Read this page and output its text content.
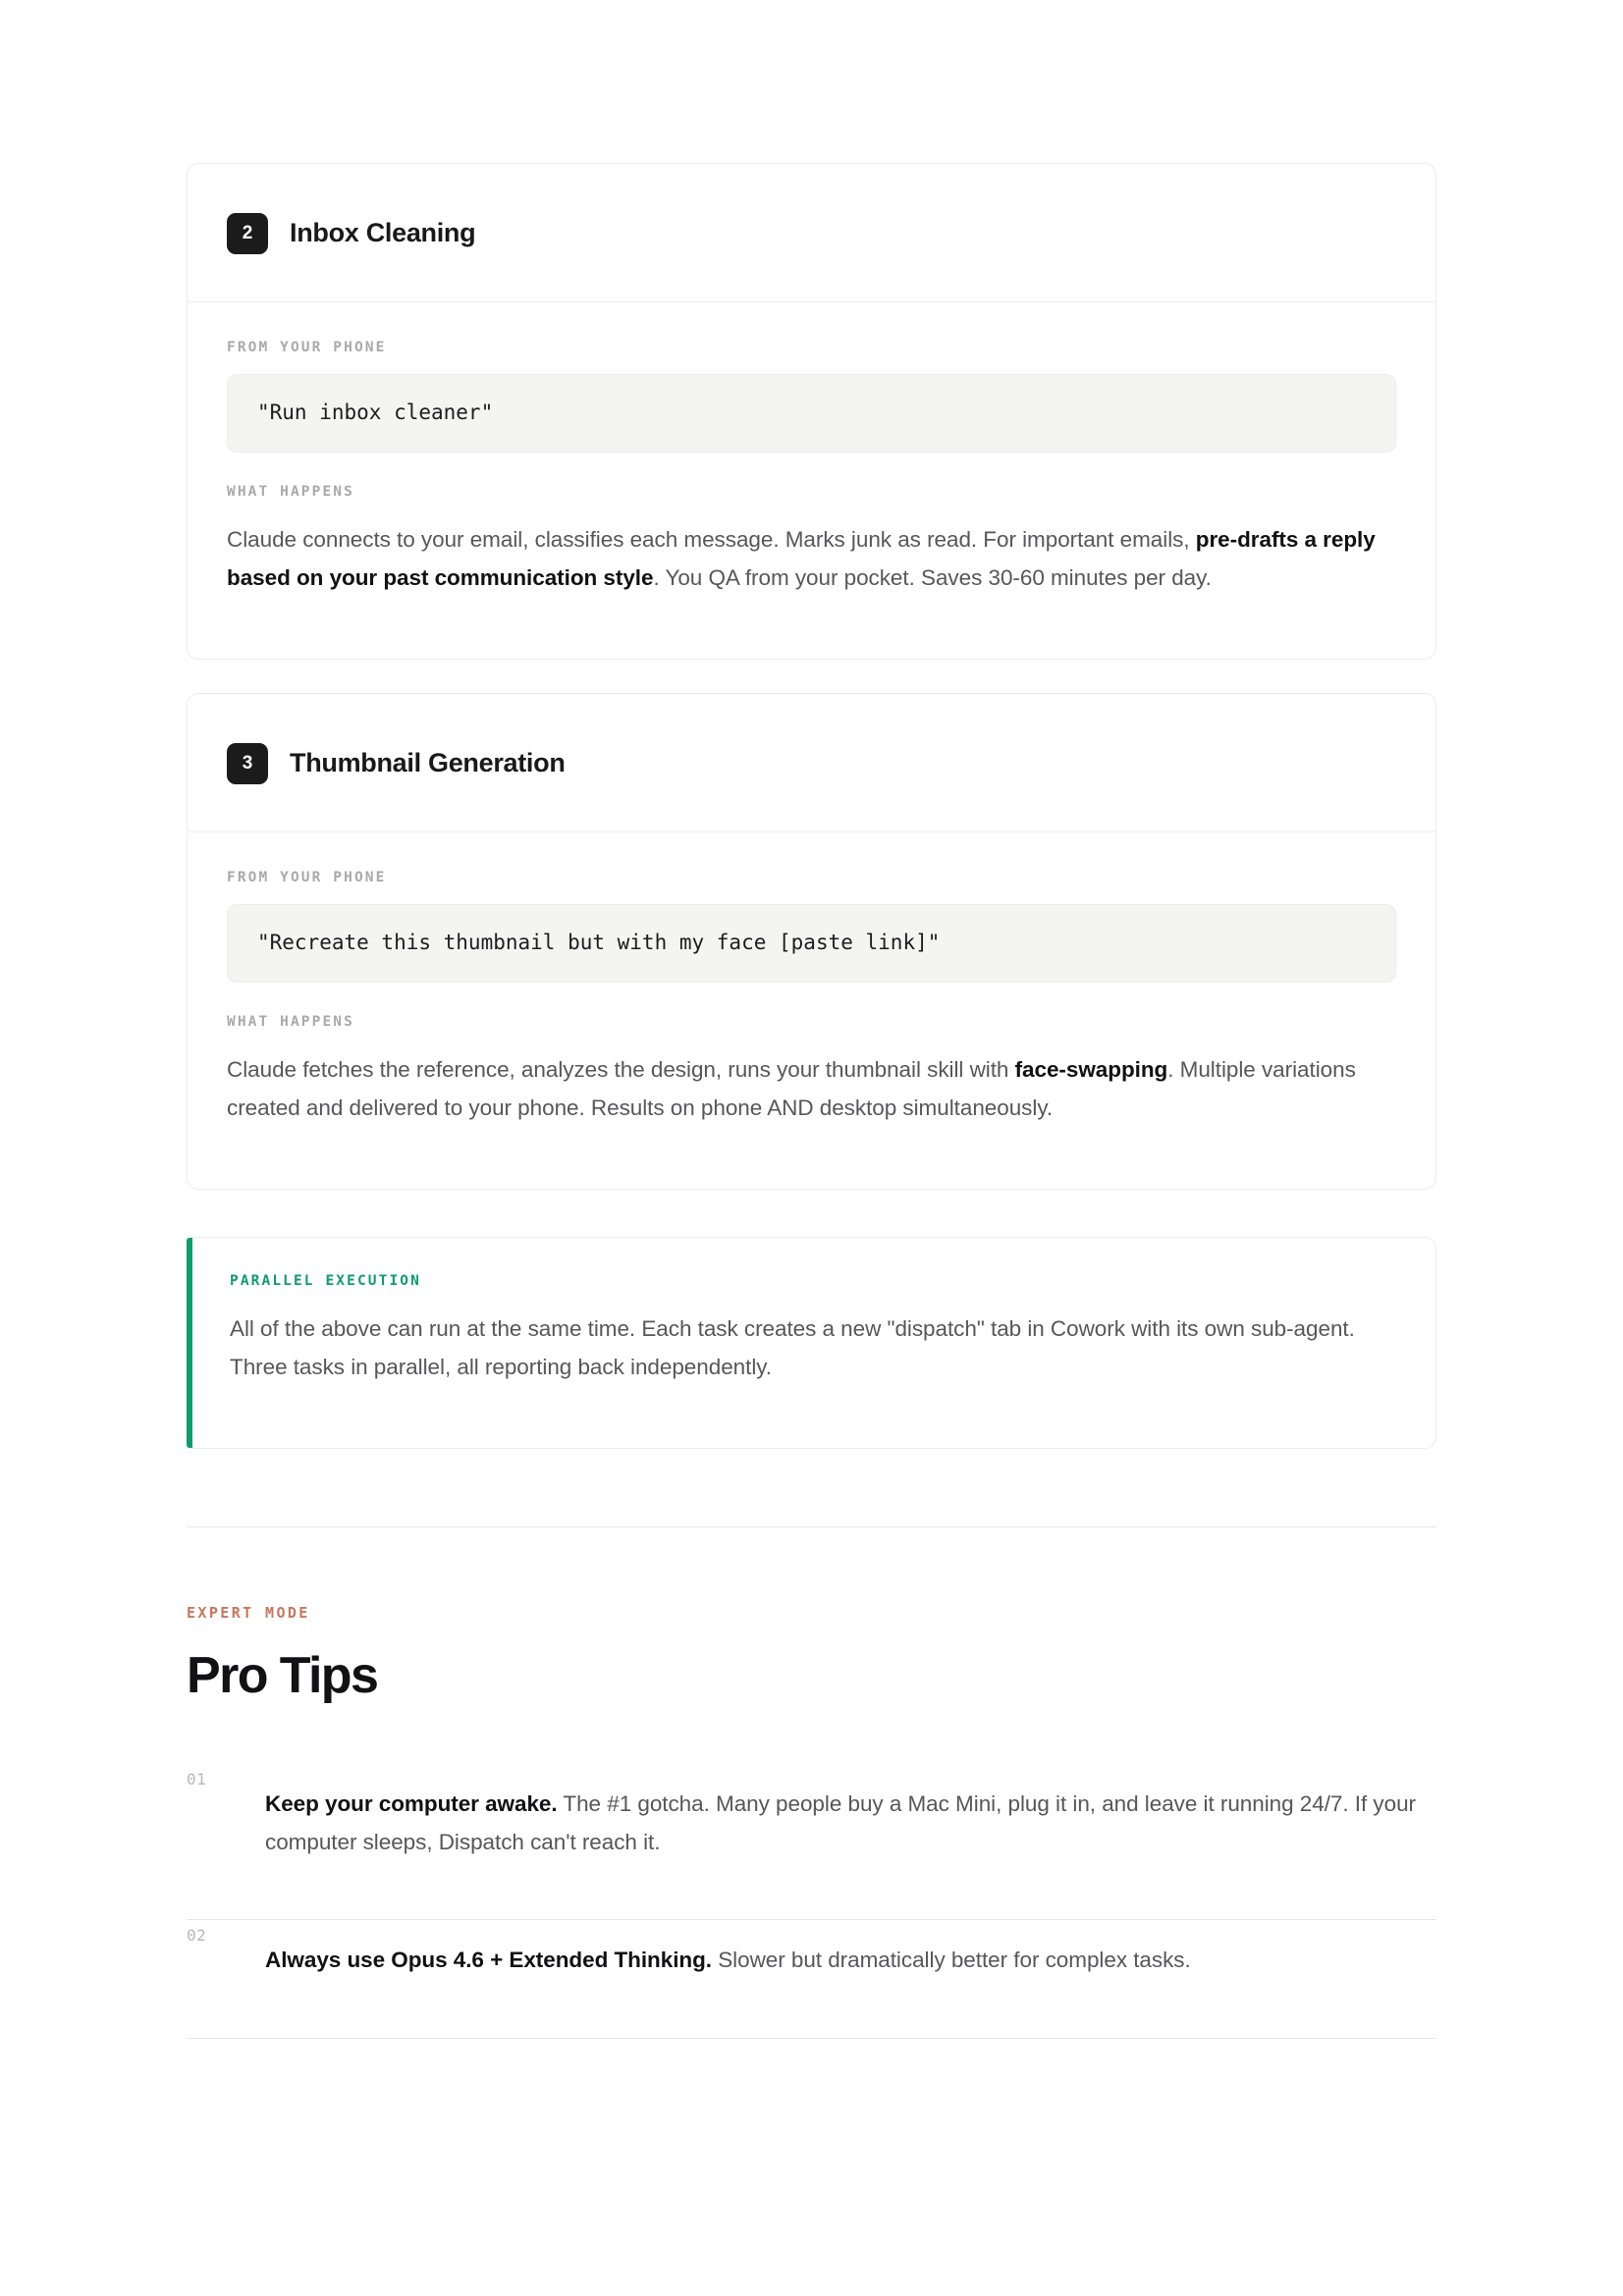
2	Inbox Cleaning
FROM YOUR PHONE
"Run inbox cleaner"
WHAT HAPPENS

Claude connects to your email, classifies each message. Marks junk as read. For important emails, pre-drafts a reply based on your past communication style. You QA from your pocket. Saves 30-60 minutes per day.

3	Thumbnail Generation
FROM YOUR PHONE
"Recreate this thumbnail but with my face [paste link]"
WHAT HAPPENS

Claude fetches the reference, analyzes the design, runs your thumbnail skill with face-swapping. Multiple variations created and delivered to your phone. Results on phone AND desktop simultaneously.

PARALLEL EXECUTION

All of the above can run at the same time. Each task creates a new "dispatch" tab in Cowork with its own sub-agent. Three tasks in parallel, all reporting back independently.

EXPERT MODE
Pro Tips
01

Keep your computer awake. The #1 gotcha. Many people buy a Mac Mini, plug it in, and leave it running 24/7. If your computer sleeps, Dispatch can't reach it.

02

Always use Opus 4.6 + Extended Thinking. Slower but dramatically better for complex tasks.
